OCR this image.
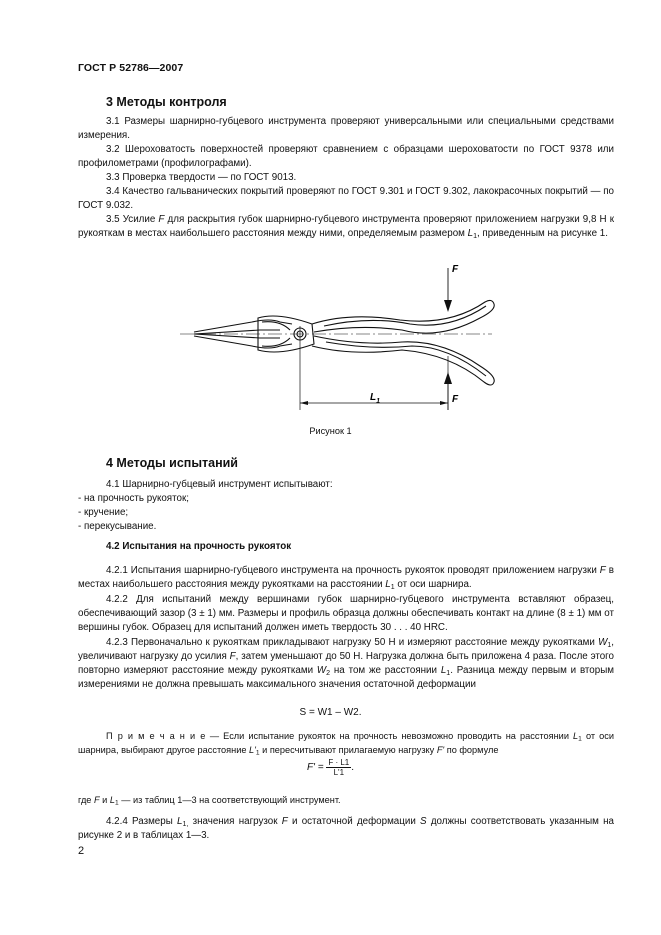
ГОСТ Р 52786—2007
3 Методы контроля
3.1 Размеры шарнирно-губцевого инструмента проверяют универсальными или специальными средствами измерения.
3.2 Шероховатость поверхностей проверяют сравнением с образцами шероховатости по ГОСТ 9378 или профилометрами (профилографами).
3.3 Проверка твердости — по ГОСТ 9013.
3.4 Качество гальванических покрытий проверяют по ГОСТ 9.301 и ГОСТ 9.302, лакокрасочных покрытий — по ГОСТ 9.032.
3.5 Усилие F для раскрытия губок шарнирно-губцевого инструмента проверяют приложением нагрузки 9,8 Н к рукояткам в местах наибольшего расстояния между ними, определяемым размером $L_1$, приведенным на рисунке 1.
F
F
$L_1$
Рисунок 1
4 Методы испытаний
4.1 Шарнирно-губцевый инструмент испытывают:
- на прочность рукояток;
- кручение;
- перекусывание.
4.2 Испытания на прочность рукояток
4.2.1 Испытания шарнирно-губцевого инструмента на прочность рукояток проводят приложением нагрузки F в местах наибольшего расстояния между рукоятками на расстоянии $L_1$ от оси шарнира.
4.2.2 Для испытаний между вершинами губок шарнирно-губцевого инструмента вставляют образец, обеспечивающий зазор (3 ± 1) мм. Размеры и профиль образца должны обеспечивать контакт на длине (8 ± 1) мм от вершины губок. Образец для испытаний должен иметь твердость 30 . . . 40 HRC.
4.2.3 Первоначально к рукояткам прикладывают нагрузку 50 Н и измеряют расстояние между рукоятками $W_1$, увеличивают нагрузку до усилия F, затем уменьшают до 50 Н. Нагрузка должна быть приложена 4 раза. После этого повторно измеряют расстояние между рукоятками $W_2$ на том же расстоянии $L_1$. Разница между первым и вторым измерениями не должна превышать максимального значения остаточной деформации
S = W1 – W2.
П р и м е ч а н и е — Если испытание рукояток на прочность невозможно проводить на расстоянии $L_1$ от оси шарнира, выбирают другое расстояние $L'_1$ и пересчитывают прилагаемую нагрузку F' по формуле
$F' = \frac{F \cdot L1}{L'1}$ .
где F и $L_1$ — из таблиц 1—3 на соответствующий инструмент.
4.2.4 Размеры $L_{1,}$ значения нагрузок F и остаточной деформации S должны соответствовать указанным на рисунке 2 и в таблицах 1—3.
2
